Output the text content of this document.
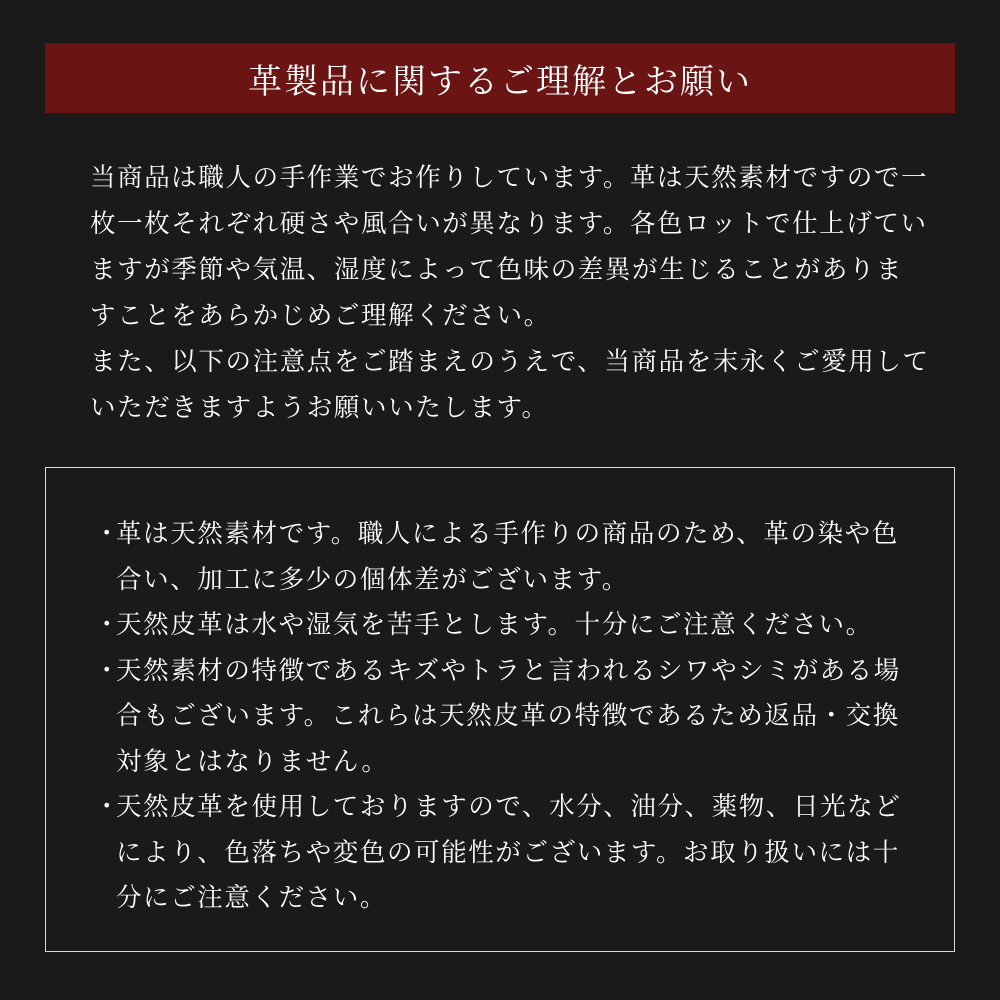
革製品に関するご理解とお願い

当商品は職人の手作業でお作りしています。革は天然素材ですので一枚一枚それぞれ硬さや風合いが異なります。各色ロットで仕上げていますが季節や気温、湿度によって色味の差異が生じることがありますことをあらかじめご理解ください。

また、以下の注意点をご踏まえのうえで、当商品を末永くご愛用していただきますようお願いいたします。

・
革は天然素材です。職人による手作りの商品のため、革の染や色合い、加工に多少の個体差がございます。
・
天然皮革は水や湿気を苦手とします。十分にご注意ください。
・
天然素材の特徴であるキズやトラと言われるシワやシミがある場合もございます。これらは天然皮革の特徴であるため返品・交換対象とはなりません。
・
天然皮革を使用しておりますので、水分、油分、薬物、日光などにより、色落ちや変色の可能性がございます。お取り扱いには十分にご注意ください。
